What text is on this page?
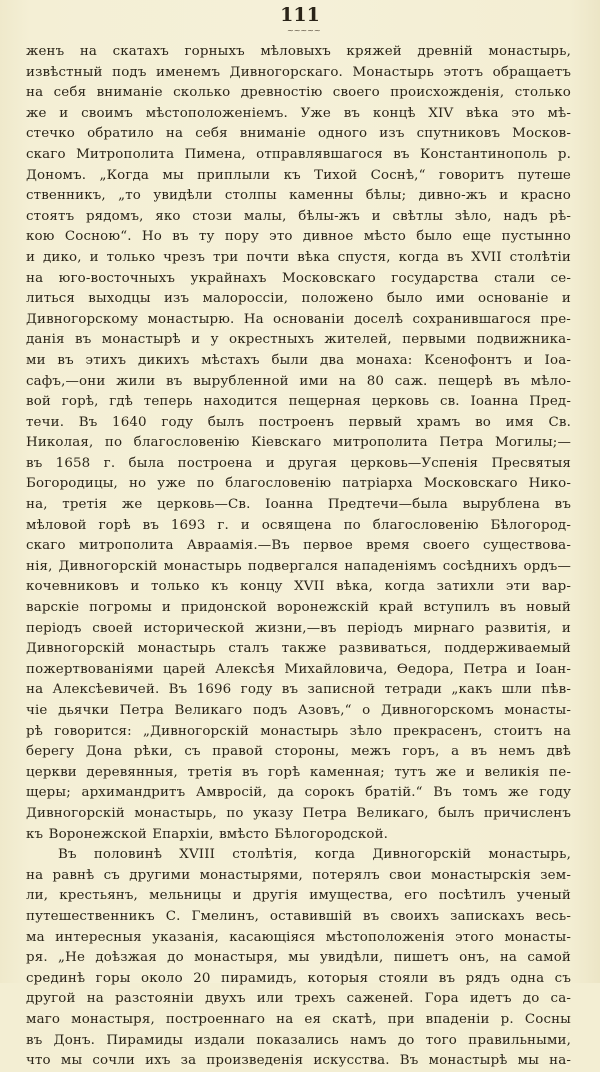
111
~~~~~
женъ на скатахъ горныхъ мѣловыхъ кряжей древній монастырь,
извѣстный подъ именемъ Дивногорскаго. Монастырь этотъ обращаетъ
на себя вниманіе сколько древностію своего происхожденія, столько
же и своимъ мѣстоположеніемъ. Уже въ концѣ XIV вѣка это мѣ-
стечко обратило на себя вниманіе одного изъ спутниковъ Москов-
скаго Митрополита Пимена, отправлявшагося въ Константинополь р.
Дономъ. „Когда мы приплыли къ Тихой Соснѣ,“ говоритъ путеше
ственникъ, „то увидѣли столпы каменны бѣлы; дивно-жъ и красно
стоятъ рядомъ, яко стози малы, бѣлы-жъ и свѣтлы зѣло, надъ рѣ-
кою Сосною“. Но въ ту пору это дивное мѣсто было еще пустынно
и дико, и только чрезъ три почти вѣка спустя, когда въ XVII столѣтіи
на юго-восточныхъ украйнахъ Московскаго государства стали се-
литься выходцы изъ малороссіи, положено было ими основаніе и
Дивногорскому монастырю. На основаніи доселѣ сохранившагося пре-
данія въ монастырѣ и у окрестныхъ жителей, первыми подвижника-
ми въ этихъ дикихъ мѣстахъ были два монаха: Ксенофонтъ и Іоа-
сафъ,—они жили въ вырубленной ими на 80 саж. пещерѣ въ мѣло-
вой горѣ, гдѣ теперь находится пещерная церковь св. Іоанна Пред-
течи. Въ 1640 году былъ построенъ первый храмъ во имя Св.
Николая, по благословенію Кіевскаго митрополита Петра Могилы;—
въ 1658 г. была построена и другая церковь—Успенія Пресвятыя
Богородицы, но уже по благословенію патріарха Московскаго Нико-
на, третія же церковь—Св. Іоанна Предтечи—была вырублена въ
мѣловой горѣ въ 1693 г. и освящена по благословенію Бѣлогород-
скаго митрополита Авраамія.—Въ первое время своего существова-
нія, Дивногорскій монастырь подвергался нападеніямъ сосѣднихъ ордъ—
кочевниковъ и только къ концу XVII вѣка, когда затихли эти вар-
варскіе погромы и придонской воронежскій край вступилъ въ новый
періодъ своей исторической жизни,—въ періодъ мирнаго развитія, и
Дивногорскій монастырь сталъ также развиваться, поддерживаемый
пожертвованіями царей Алексѣя Михайловича, Ѳедора, Петра и Іоан-
на Алексѣевичей. Въ 1696 году въ записной тетради „какъ шли пѣв-
чіе дьячки Петра Великаго подъ Азовъ,“ о Дивногорскомъ монасты-
рѣ говорится: „Дивногорскій монастырь зѣло прекрасенъ, стоитъ на
берегу Дона рѣки, съ правой стороны, межъ горъ, а въ немъ двѣ
церкви деревянныя, третія въ горѣ каменная; тутъ же и великія пе-
щеры; архимандритъ Амвросій, да сорокъ братій.“ Въ томъ же году
Дивногорскій монастырь, по указу Петра Великаго, былъ причисленъ
къ Воронежской Епархіи, вмѣсто Бѣлогородской.
Въ половинѣ XVIII столѣтія, когда Дивногорскій монастырь,
на равнѣ съ другими монастырями, потерялъ свои монастырскія зем-
ли, крестьянъ, мельницы и другія имущества, его посѣтилъ ученый
путешественникъ С. Гмелинъ, оставившій въ своихъ запискахъ весь-
ма интересныя указанія, касающіяся мѣстоположенія этого монасты-
ря. „Не доѣзжая до монастыря, мы увидѣли, пишетъ онъ, на самой
срединѣ горы около 20 пирамидъ, которыя стояли въ рядъ одна съ
другой на разстояніи двухъ или трехъ саженей. Гора идетъ до са-
маго монастыря, построеннаго на ея скатѣ, при впаденіи р. Сосны
въ Донъ. Пирамиды издали показались намъ до того правильными,
что мы сочли ихъ за произведенія искусства. Въ монастырѣ мы на-
